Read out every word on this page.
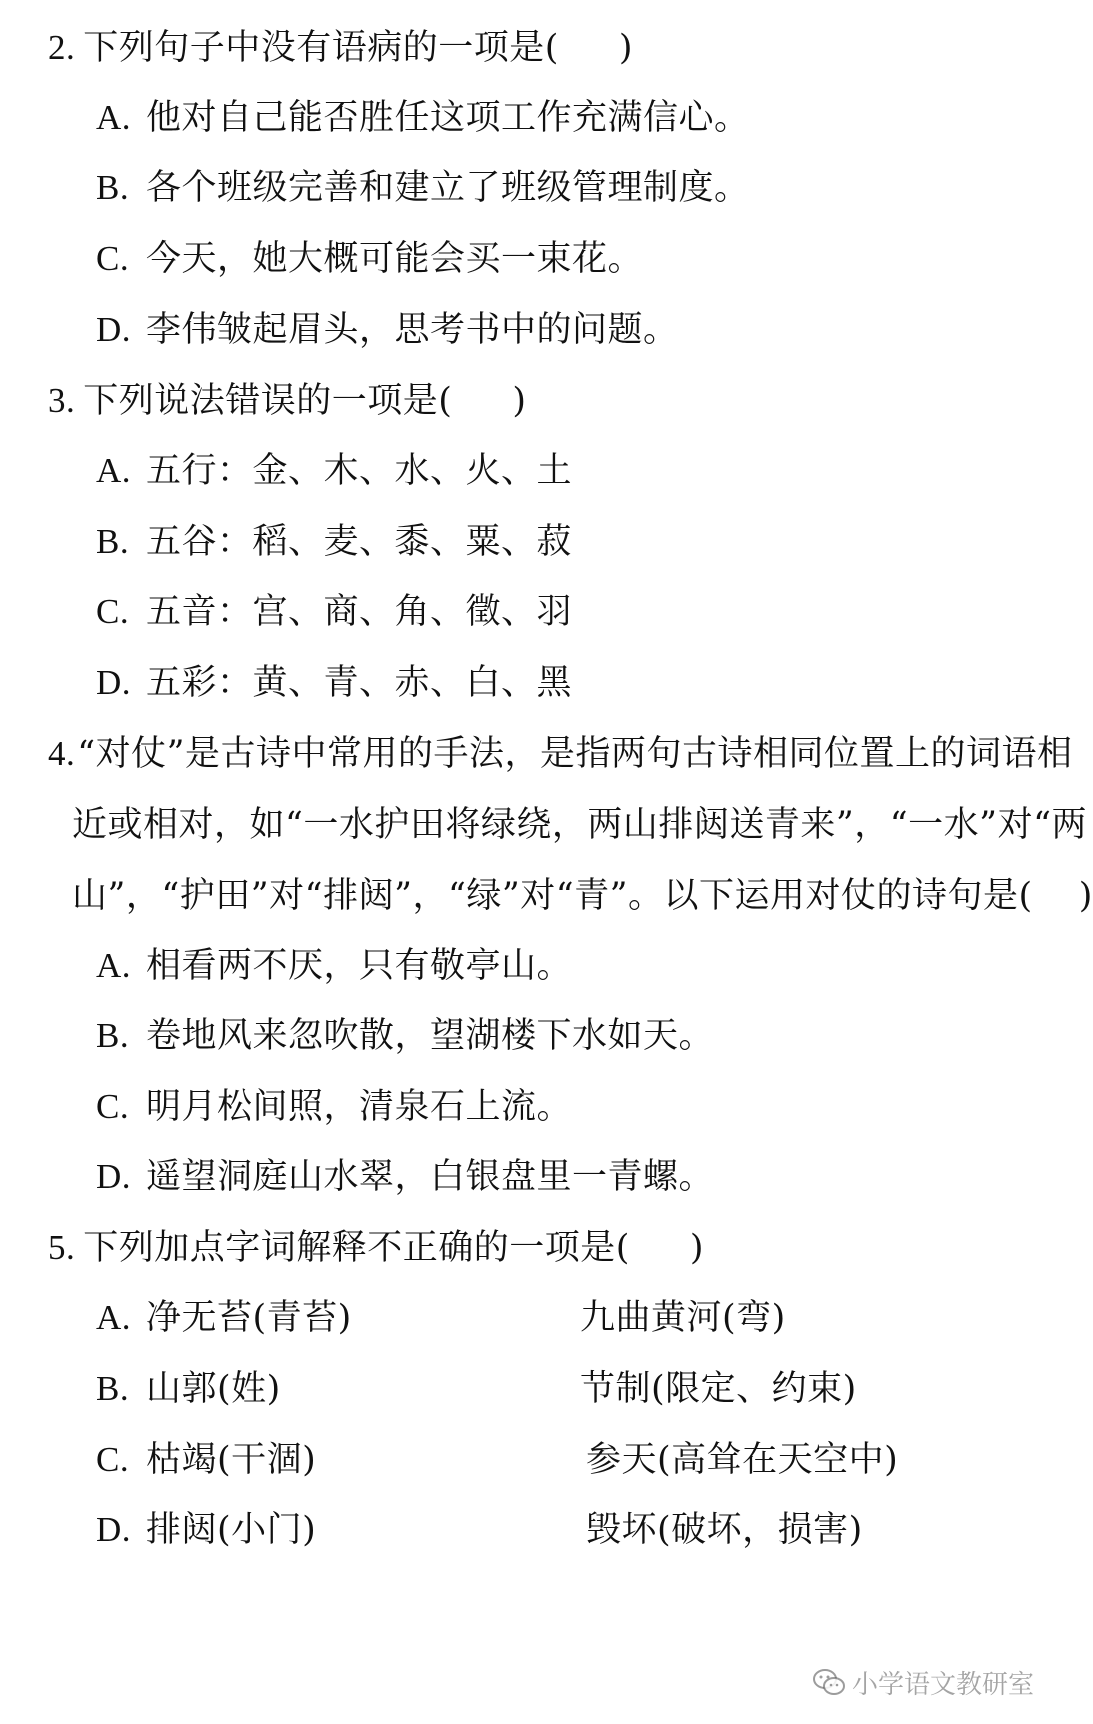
2. 下列句子中没有语病的一项是( )
A. 他对自己能否胜任这项工作充满信心。
B. 各个班级完善和建立了班级管理制度。
C. 今天，她大概可能会买一束花。
D. 李伟皱起眉头，思考书中的问题。
3. 下列说法错误的一项是( )
A. 五行：金、木、水、火、土
B. 五谷：稻、麦、黍、粟、菽
C. 五音：宫、商、角、徵、羽
D. 五彩：黄、青、赤、白、黑
4.“对仗”是古诗中常用的手法，是指两句古诗相同位置上的词语相
近或相对，如“一水护田将绿绕，两山排闼送青来”，“一水”对“两
山”，“护田”对“排闼”，“绿”对“青”。以下运用对仗的诗句是( )
A. 相看两不厌，只有敬亭山。
B. 卷地风来忽吹散，望湖楼下水如天。
C. 明月松间照，清泉石上流。
D. 遥望洞庭山水翠，白银盘里一青螺。
5. 下列加点字词解释不正确的一项是( )
A. 净无苔(青苔)	九曲黄河(弯)
B. 山郭(姓)	节制(限定、约束)
C. 枯竭(干涸)	参天(高耸在天空中)
D. 排闼(小门)	毁坏(破坏，损害)
小学语文教研室
